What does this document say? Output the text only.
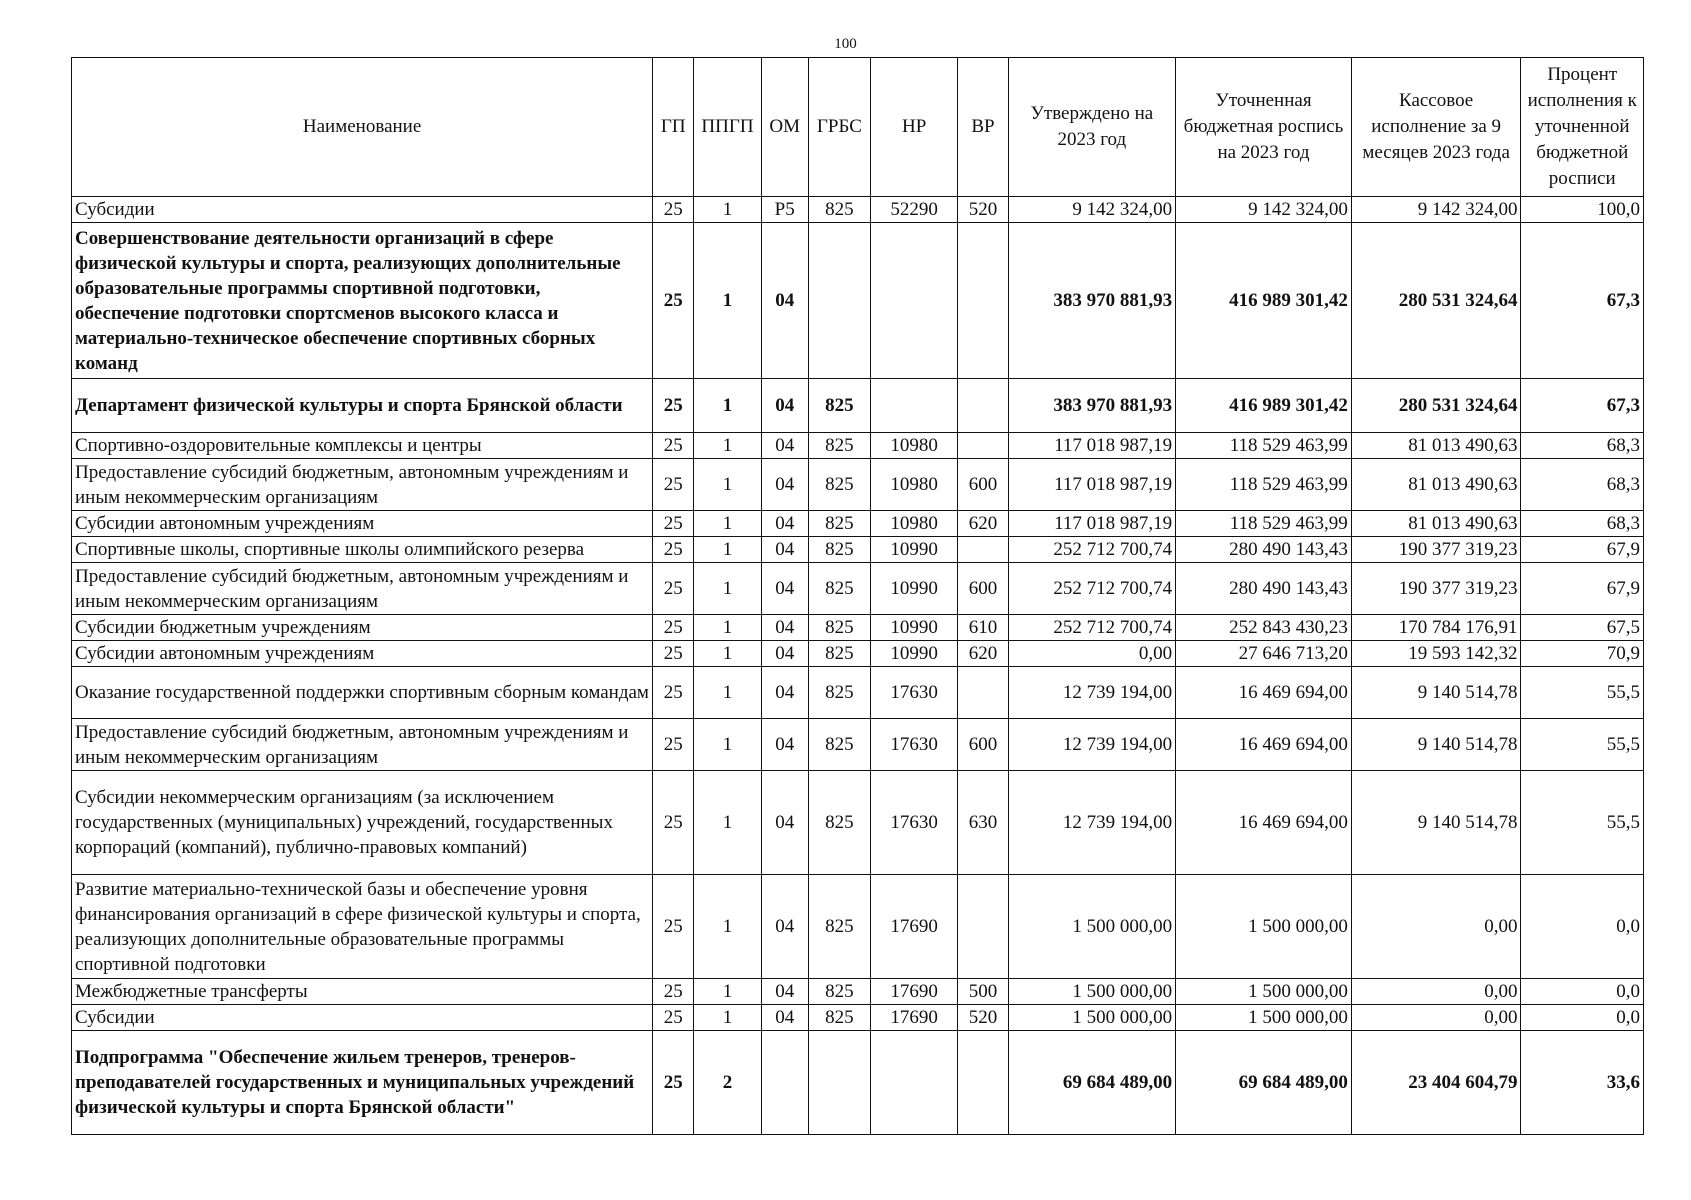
100
Наименование	ГП	ППГП	ОМ	ГРБС	НР	ВР	Утверждено на 2023 год	Уточненная бюджетная роспись на 2023 год	Кассовое исполнение за 9 месяцев 2023 года	Процент исполнения к уточненной бюджетной росписи
Субсидии	25	1	P5	825	52290	520	9 142 324,00	9 142 324,00	9 142 324,00	100,0
Совершенствование деятельности организаций в сфере физической культуры и спорта, реализующих дополнительные образовательные программы спортивной подготовки, обеспечение подготовки спортсменов высокого класса и материально-техническое обеспечение спортивных сборных команд	25	1	04				383 970 881,93	416 989 301,42	280 531 324,64	67,3
Департамент физической культуры и спорта Брянской области	25	1	04	825			383 970 881,93	416 989 301,42	280 531 324,64	67,3
Спортивно-оздоровительные комплексы и центры	25	1	04	825	10980		117 018 987,19	118 529 463,99	81 013 490,63	68,3
Предоставление субсидий бюджетным, автономным учреждениям и иным некоммерческим организациям	25	1	04	825	10980	600	117 018 987,19	118 529 463,99	81 013 490,63	68,3
Субсидии автономным учреждениям	25	1	04	825	10980	620	117 018 987,19	118 529 463,99	81 013 490,63	68,3
Спортивные школы, спортивные школы олимпийского резерва	25	1	04	825	10990		252 712 700,74	280 490 143,43	190 377 319,23	67,9
Предоставление субсидий бюджетным, автономным учреждениям и иным некоммерческим организациям	25	1	04	825	10990	600	252 712 700,74	280 490 143,43	190 377 319,23	67,9
Субсидии бюджетным учреждениям	25	1	04	825	10990	610	252 712 700,74	252 843 430,23	170 784 176,91	67,5
Субсидии автономным учреждениям	25	1	04	825	10990	620	0,00	27 646 713,20	19 593 142,32	70,9
Оказание государственной поддержки спортивным сборным командам	25	1	04	825	17630		12 739 194,00	16 469 694,00	9 140 514,78	55,5
Предоставление субсидий бюджетным, автономным учреждениям и иным некоммерческим организациям	25	1	04	825	17630	600	12 739 194,00	16 469 694,00	9 140 514,78	55,5
Субсидии некоммерческим организациям (за исключением государственных (муниципальных) учреждений, государственных корпораций (компаний), публично-правовых компаний)	25	1	04	825	17630	630	12 739 194,00	16 469 694,00	9 140 514,78	55,5
Развитие материально-технической базы и обеспечение уровня финансирования организаций в сфере физической культуры и спорта, реализующих дополнительные образовательные программы спортивной подготовки	25	1	04	825	17690		1 500 000,00	1 500 000,00	0,00	0,0
Межбюджетные трансферты	25	1	04	825	17690	500	1 500 000,00	1 500 000,00	0,00	0,0
Субсидии	25	1	04	825	17690	520	1 500 000,00	1 500 000,00	0,00	0,0
Подпрограмма "Обеспечение жильем тренеров, тренеров-преподавателей государственных и муниципальных учреждений физической культуры и спорта Брянской области"	25	2					69 684 489,00	69 684 489,00	23 404 604,79	33,6
